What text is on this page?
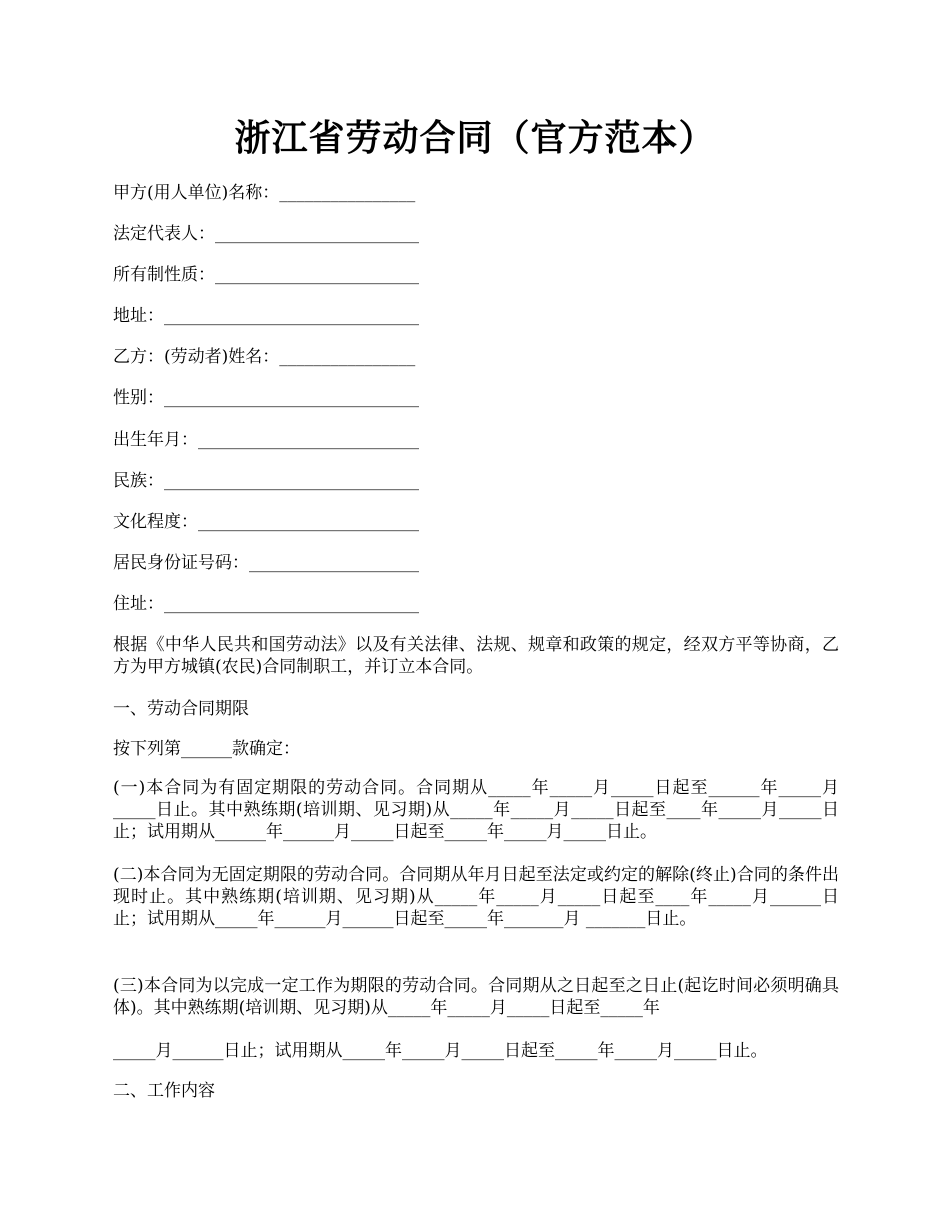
浙江省劳动合同（官方范本）
甲方(用人单位)名称：________________
法定代表人：________________________
所有制性质：________________________
地址：______________________________
乙方：(劳动者)姓名：________________
性别：______________________________
出生年月：__________________________
民族：______________________________
文化程度：__________________________
居民身份证号码：____________________
住址：______________________________
根据《中华人民共和国劳动法》以及有关法律、法规、规章和政策的规定，经双方平等协商，乙方为甲方城镇(农民)合同制职工，并订立本合同。
一、劳动合同期限
按下列第______款确定：
(一)本合同为有固定期限的劳动合同。合同期从_____年_____月_____日起至______年_____月_____日止。其中熟练期(培训期、见习期)从_____年_____月_____日起至____年_____月_____日止；试用期从______年______月_____日起至_____年_____月_____日止。
(二)本合同为无固定期限的劳动合同。合同期从年月日起至法定或约定的解除(终止)合同的条件出现时止。其中熟练期(培训期、见习期)从_____年_____月_____日起至____年_____月______日止；试用期从_____年______月______日起至_____年_______月 _______日止。
(三)本合同为以完成一定工作为期限的劳动合同。合同期从之日起至之日止(起讫时间必须明确具体)。其中熟练期(培训期、见习期)从_____年_____月_____日起至_____年
_____月______日止；试用期从_____年_____月_____日起至_____年_____月_____日止。
二、工作内容
